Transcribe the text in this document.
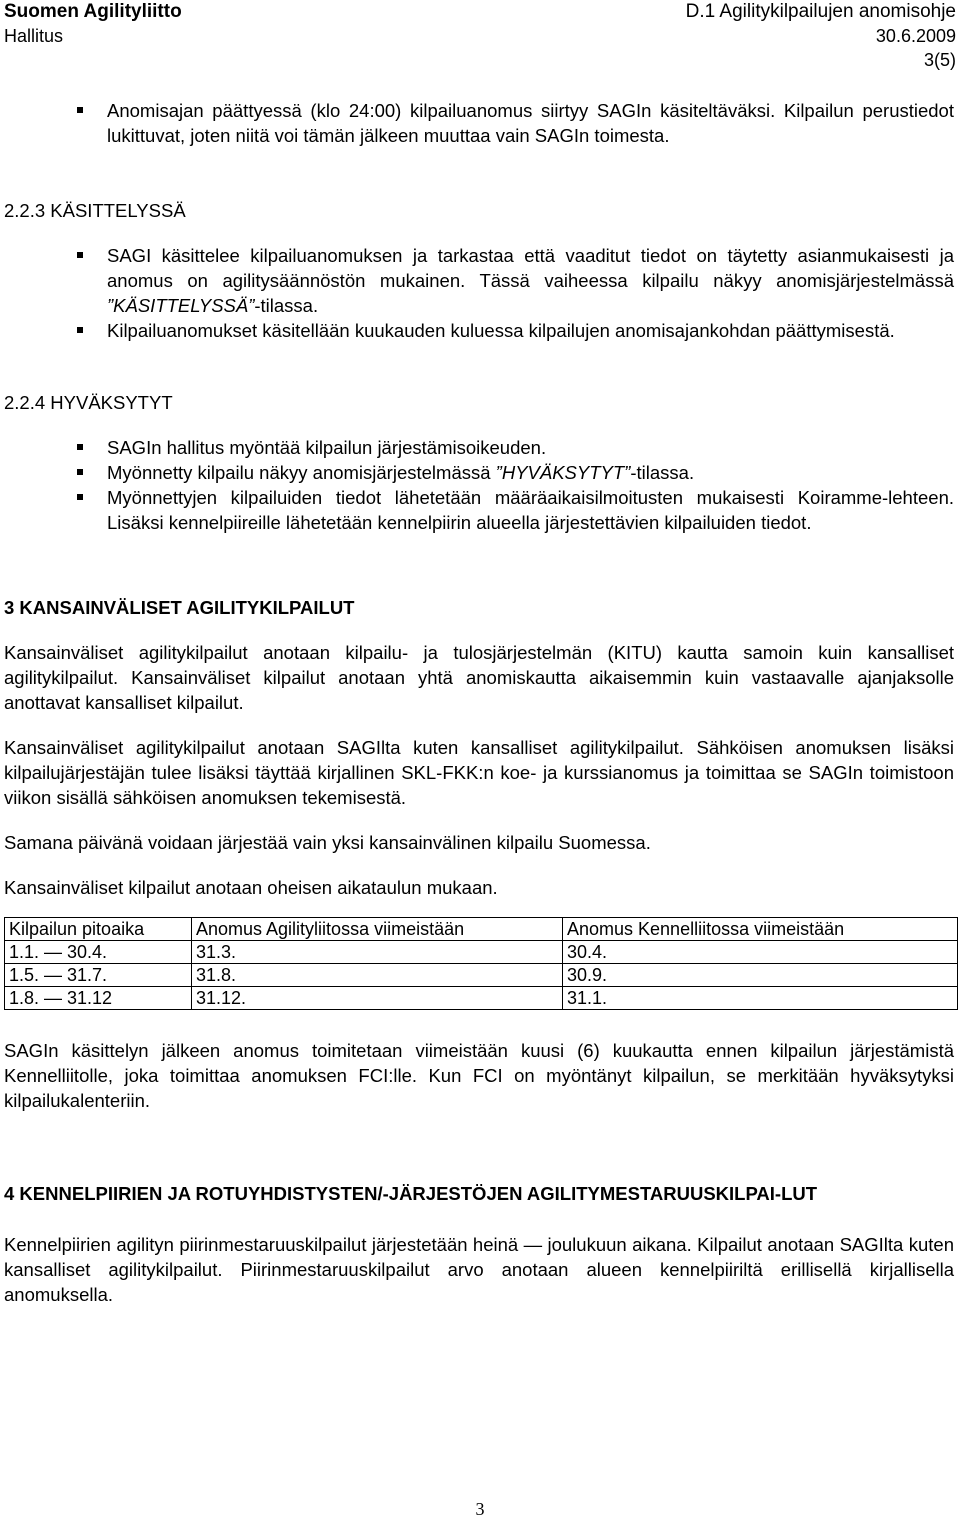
Suomen Agilityliitto	D.1 Agilitykilpailujen anomisohje
Hallitus	30.6.2009
3(5)
Anomisajan päättyessä (klo 24:00) kilpailuanomus siirtyy SAGIn käsiteltäväksi. Kilpailun perustiedot lukittuvat, joten niitä voi tämän jälkeen muuttaa vain SAGIn toimesta.
2.2.3 KÄSITTELYSSÄ
SAGI käsittelee kilpailuanomuksen ja tarkastaa että vaaditut tiedot on täytetty asianmukaisesti ja anomus on agilitysäännöstön mukainen. Tässä vaiheessa kilpailu näkyy anomisjärjestelmässä ”KÄSITTELYSSÄ”-tilassa.
Kilpailuanomukset käsitellään kuukauden kuluessa kilpailujen anomisajankohdan päättymisestä.
2.2.4 HYVÄKSYTYT
SAGIn hallitus myöntää kilpailun järjestämisoikeuden.
Myönnetty kilpailu näkyy anomisjärjestelmässä ”HYVÄKSYTYT”-tilassa.
Myönnettyjen kilpailuiden tiedot lähetetään määräaikaisilmoitusten mukaisesti Koiramme-lehteen. Lisäksi kennelpiireille lähetetään kennelpiirin alueella järjestettävien kilpailuiden tiedot.
3 KANSAINVÄLISET AGILITYKILPAILUT

Kansainväliset agilitykilpailut anotaan kilpailu- ja tulosjärjestelmän (KITU) kautta samoin kuin kansalliset agilitykilpailut. Kansainväliset kilpailut anotaan yhtä anomiskautta aikaisemmin kuin vastaavalle ajanjaksolle anottavat kansalliset kilpailut.

Kansainväliset agilitykilpailut anotaan SAGIlta kuten kansalliset agilitykilpailut. Sähköisen anomuksen lisäksi kilpailujärjestäjän tulee lisäksi täyttää kirjallinen SKL-FKK:n koe- ja kurssianomus ja toimittaa se SAGIn toimistoon viikon sisällä sähköisen anomuksen tekemisestä.

Samana päivänä voidaan järjestää vain yksi kansainvälinen kilpailu Suomessa.

Kansainväliset kilpailut anotaan oheisen aikataulun mukaan.

Kilpailun pitoaika	Anomus Agilityliitossa viimeistään	Anomus Kennelliitossa viimeistään
1.1. — 30.4.	31.3.	30.4.
1.5. — 31.7.	31.8.	30.9.
1.8. — 31.12	31.12.	31.1.

SAGIn käsittelyn jälkeen anomus toimitetaan viimeistään kuusi (6) kuukautta ennen kilpailun järjestämistä Kennelliitolle, joka toimittaa anomuksen FCI:lle. Kun FCI on myöntänyt kilpailun, se merkitään hyväksytyksi kilpailukalenteriin.

4 KENNELPIIRIEN JA ROTUYHDISTYSTEN/-JÄRJESTÖJEN AGILITYMESTARUUSKILPAI-LUT

Kennelpiirien agilityn piirinmestaruuskilpailut järjestetään heinä — joulukuun aikana. Kilpailut anotaan SAGIlta kuten kansalliset agilitykilpailut. Piirinmestaruuskilpailut arvo anotaan alueen kennelpiiriltä erillisellä kirjallisella anomuksella.

3
